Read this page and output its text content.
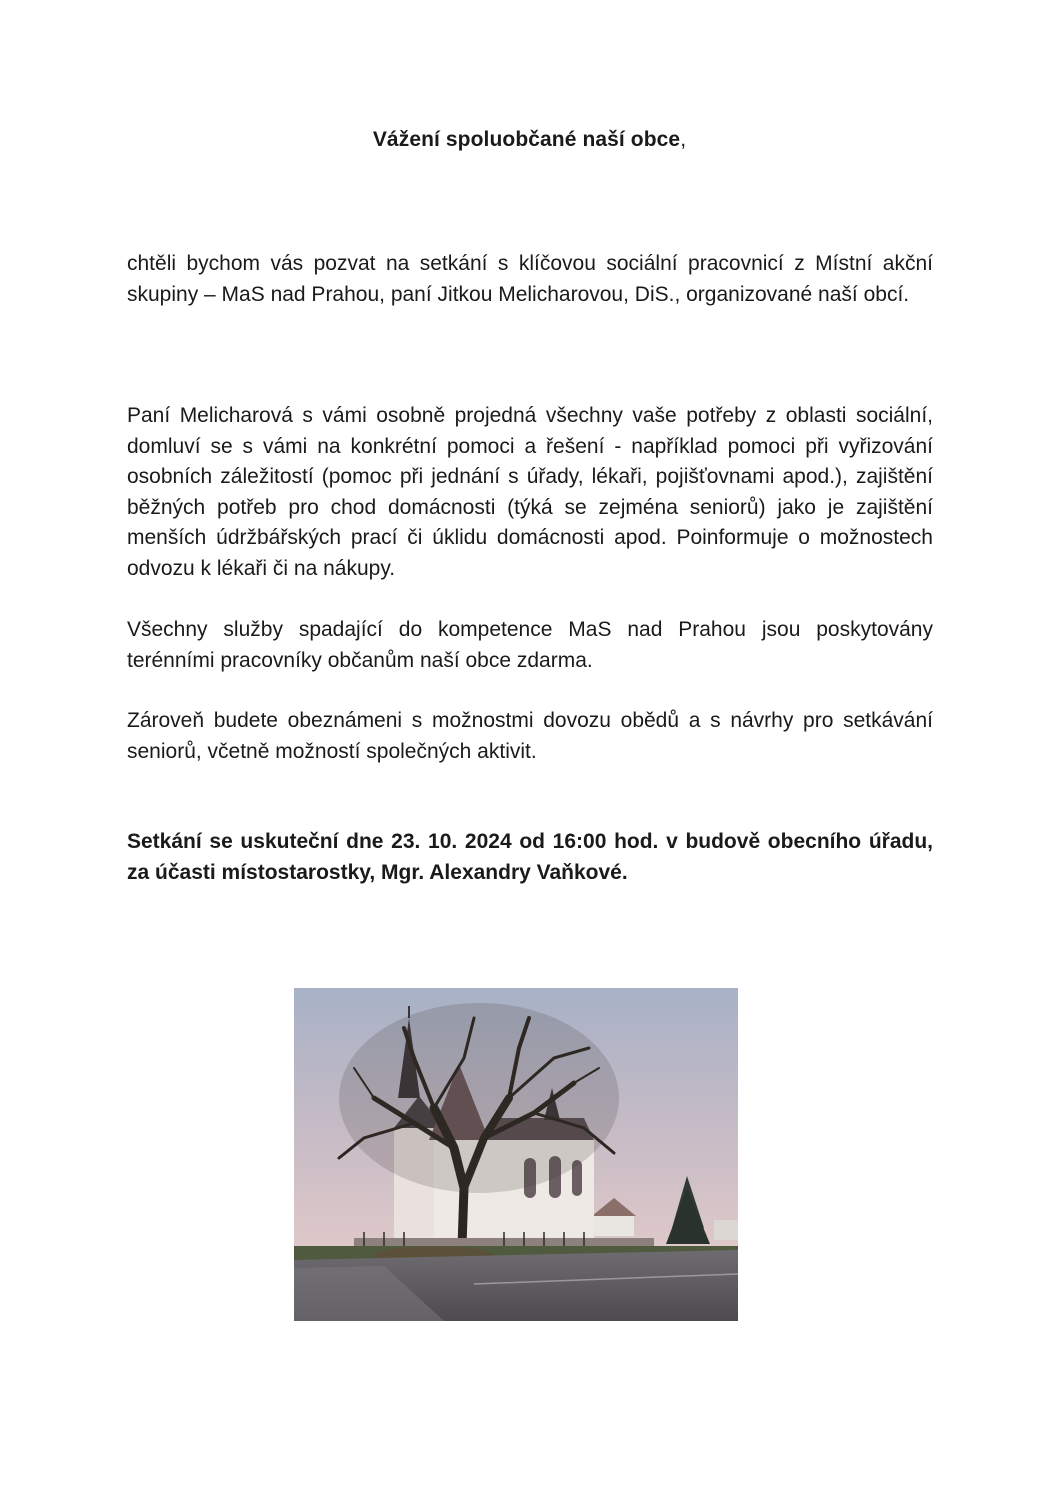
Vážení spoluobčané naší obce,

chtěli bychom vás pozvat na setkání s klíčovou sociální pracovnicí z Místní akční skupiny – MaS nad Prahou, paní Jitkou Melicharovou, DiS., organizované naší obcí.

Paní Melicharová s vámi osobně projedná všechny vaše potřeby z oblasti sociální, domluví se s vámi na konkrétní pomoci a řešení - například pomoci při vyřizování osobních záležitostí (pomoc při jednání s úřady, lékaři, pojišťovnami apod.), zajištění běžných potřeb pro chod domácnosti (týká se zejména seniorů) jako je zajištění menších údržbářských prací či úklidu domácnosti apod. Poinformuje o možnostech odvozu k lékaři či na nákupy.

Všechny služby spadající do kompetence MaS nad Prahou jsou poskytovány terénními pracovníky občanům naší obce zdarma.

Zároveň budete obeznámeni s možnostmi dovozu obědů a s návrhy pro setkávání seniorů, včetně možností společných aktivit.

Setkání se uskuteční dne 23. 10. 2024 od 16:00 hod. v budově obecního úřadu, za účasti místostarostky, Mgr. Alexandry Vaňkové.
